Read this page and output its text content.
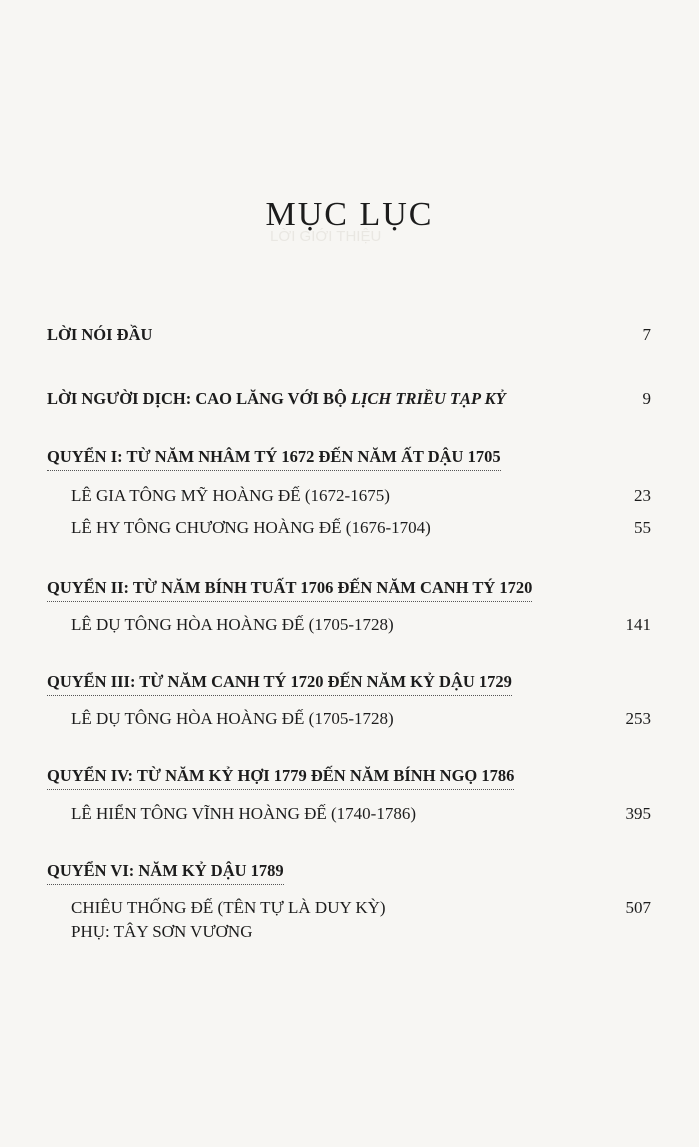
LỜI GIỚI THIỆU
MỤC LỤC
LỜI NÓI ĐẦU	7
LỜI NGƯỜI DỊCH: CAO LĂNG VỚI BỘ LỊCH TRIỀU TẠP KỶ	9
QUYỂN I: TỪ NĂM NHÂM TÝ 1672 ĐẾN NĂM ẤT DẬU 1705
LÊ GIA TÔNG MỸ HOÀNG ĐẾ (1672-1675)	23
LÊ HY TÔNG CHƯƠNG HOÀNG ĐẾ (1676-1704)	55
QUYỂN II: TỪ NĂM BÍNH TUẤT 1706 ĐẾN NĂM CANH TÝ 1720
LÊ DỤ TÔNG HÒA HOÀNG ĐẾ (1705-1728)	141
QUYỂN III: TỪ NĂM CANH TÝ 1720 ĐẾN NĂM KỶ DẬU 1729
LÊ DỤ TÔNG HÒA HOÀNG ĐẾ (1705-1728)	253
QUYỂN IV: TỪ NĂM KỶ HỢI 1779 ĐẾN NĂM BÍNH NGỌ 1786
LÊ HIỂN TÔNG VĨNH HOÀNG ĐẾ (1740-1786)	395
QUYỂN VI: NĂM KỶ DẬU 1789
CHIÊU THỐNG ĐẾ (TÊN TỰ LÀ DUY KỲ)	507
PHỤ: TÂY SƠN VƯƠNG
